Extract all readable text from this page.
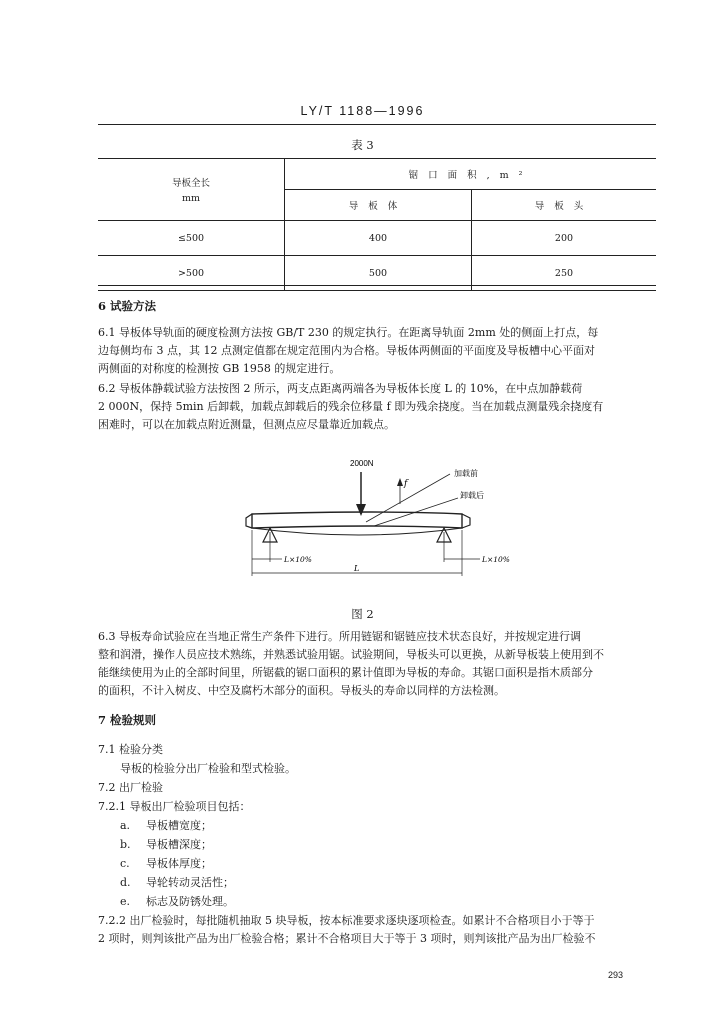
LY/T 1188—1996
表 3
导板全长
mm	锯口面积,m²	
	导板体	导板头
≤500	400	200
>500	500	250
6 试验方法
6.1 导板体导轨面的硬度检测方法按 GB/T 230 的规定执行。在距离导轨面 2mm 处的侧面上打点，每
边每侧均布 3 点，其 12 点测定值都在规定范围内为合格。导板体两侧面的平面度及导板槽中心平面对
两侧面的对称度的检测按 GB 1958 的规定进行。
6.2 导板体静载试验方法按图 2 所示，两支点距离两端各为导板体长度 L 的 10%，在中点加静载荷
2 000N，保持 5min 后卸载，加载点卸载后的残余位移量 f 即为残余挠度。当在加载点测量残余挠度有
困难时，可以在加载点附近测量，但测点应尽量靠近加载点。
2000N
f
加载前
卸载后
L×10%	L×10%
L
图 2
6.3 导板寿命试验应在当地正常生产条件下进行。所用链锯和锯链应技术状态良好，并按规定进行调
整和润滑，操作人员应技术熟练，并熟悉试验用锯。试验期间，导板头可以更换，从新导板装上使用到不
能继续使用为止的全部时间里，所锯截的锯口面积的累计值即为导板的寿命。其锯口面积是指木质部分
的面积，不计入树皮、中空及腐朽木部分的面积。导板头的寿命以同样的方法检测。
7 检验规则
7.1 检验分类
导板的检验分出厂检验和型式检验。
7.2 出厂检验
7.2.1 导板出厂检验项目包括：
a. 导板槽宽度；
b. 导板槽深度；
c. 导板体厚度；
d. 导轮转动灵活性；
e. 标志及防锈处理。
7.2.2 出厂检验时，每批随机抽取 5 块导板，按本标准要求逐块逐项检查。如累计不合格项目小于等于
2 项时，则判该批产品为出厂检验合格；累计不合格项目大于等于 3 项时，则判该批产品为出厂检验不
293
